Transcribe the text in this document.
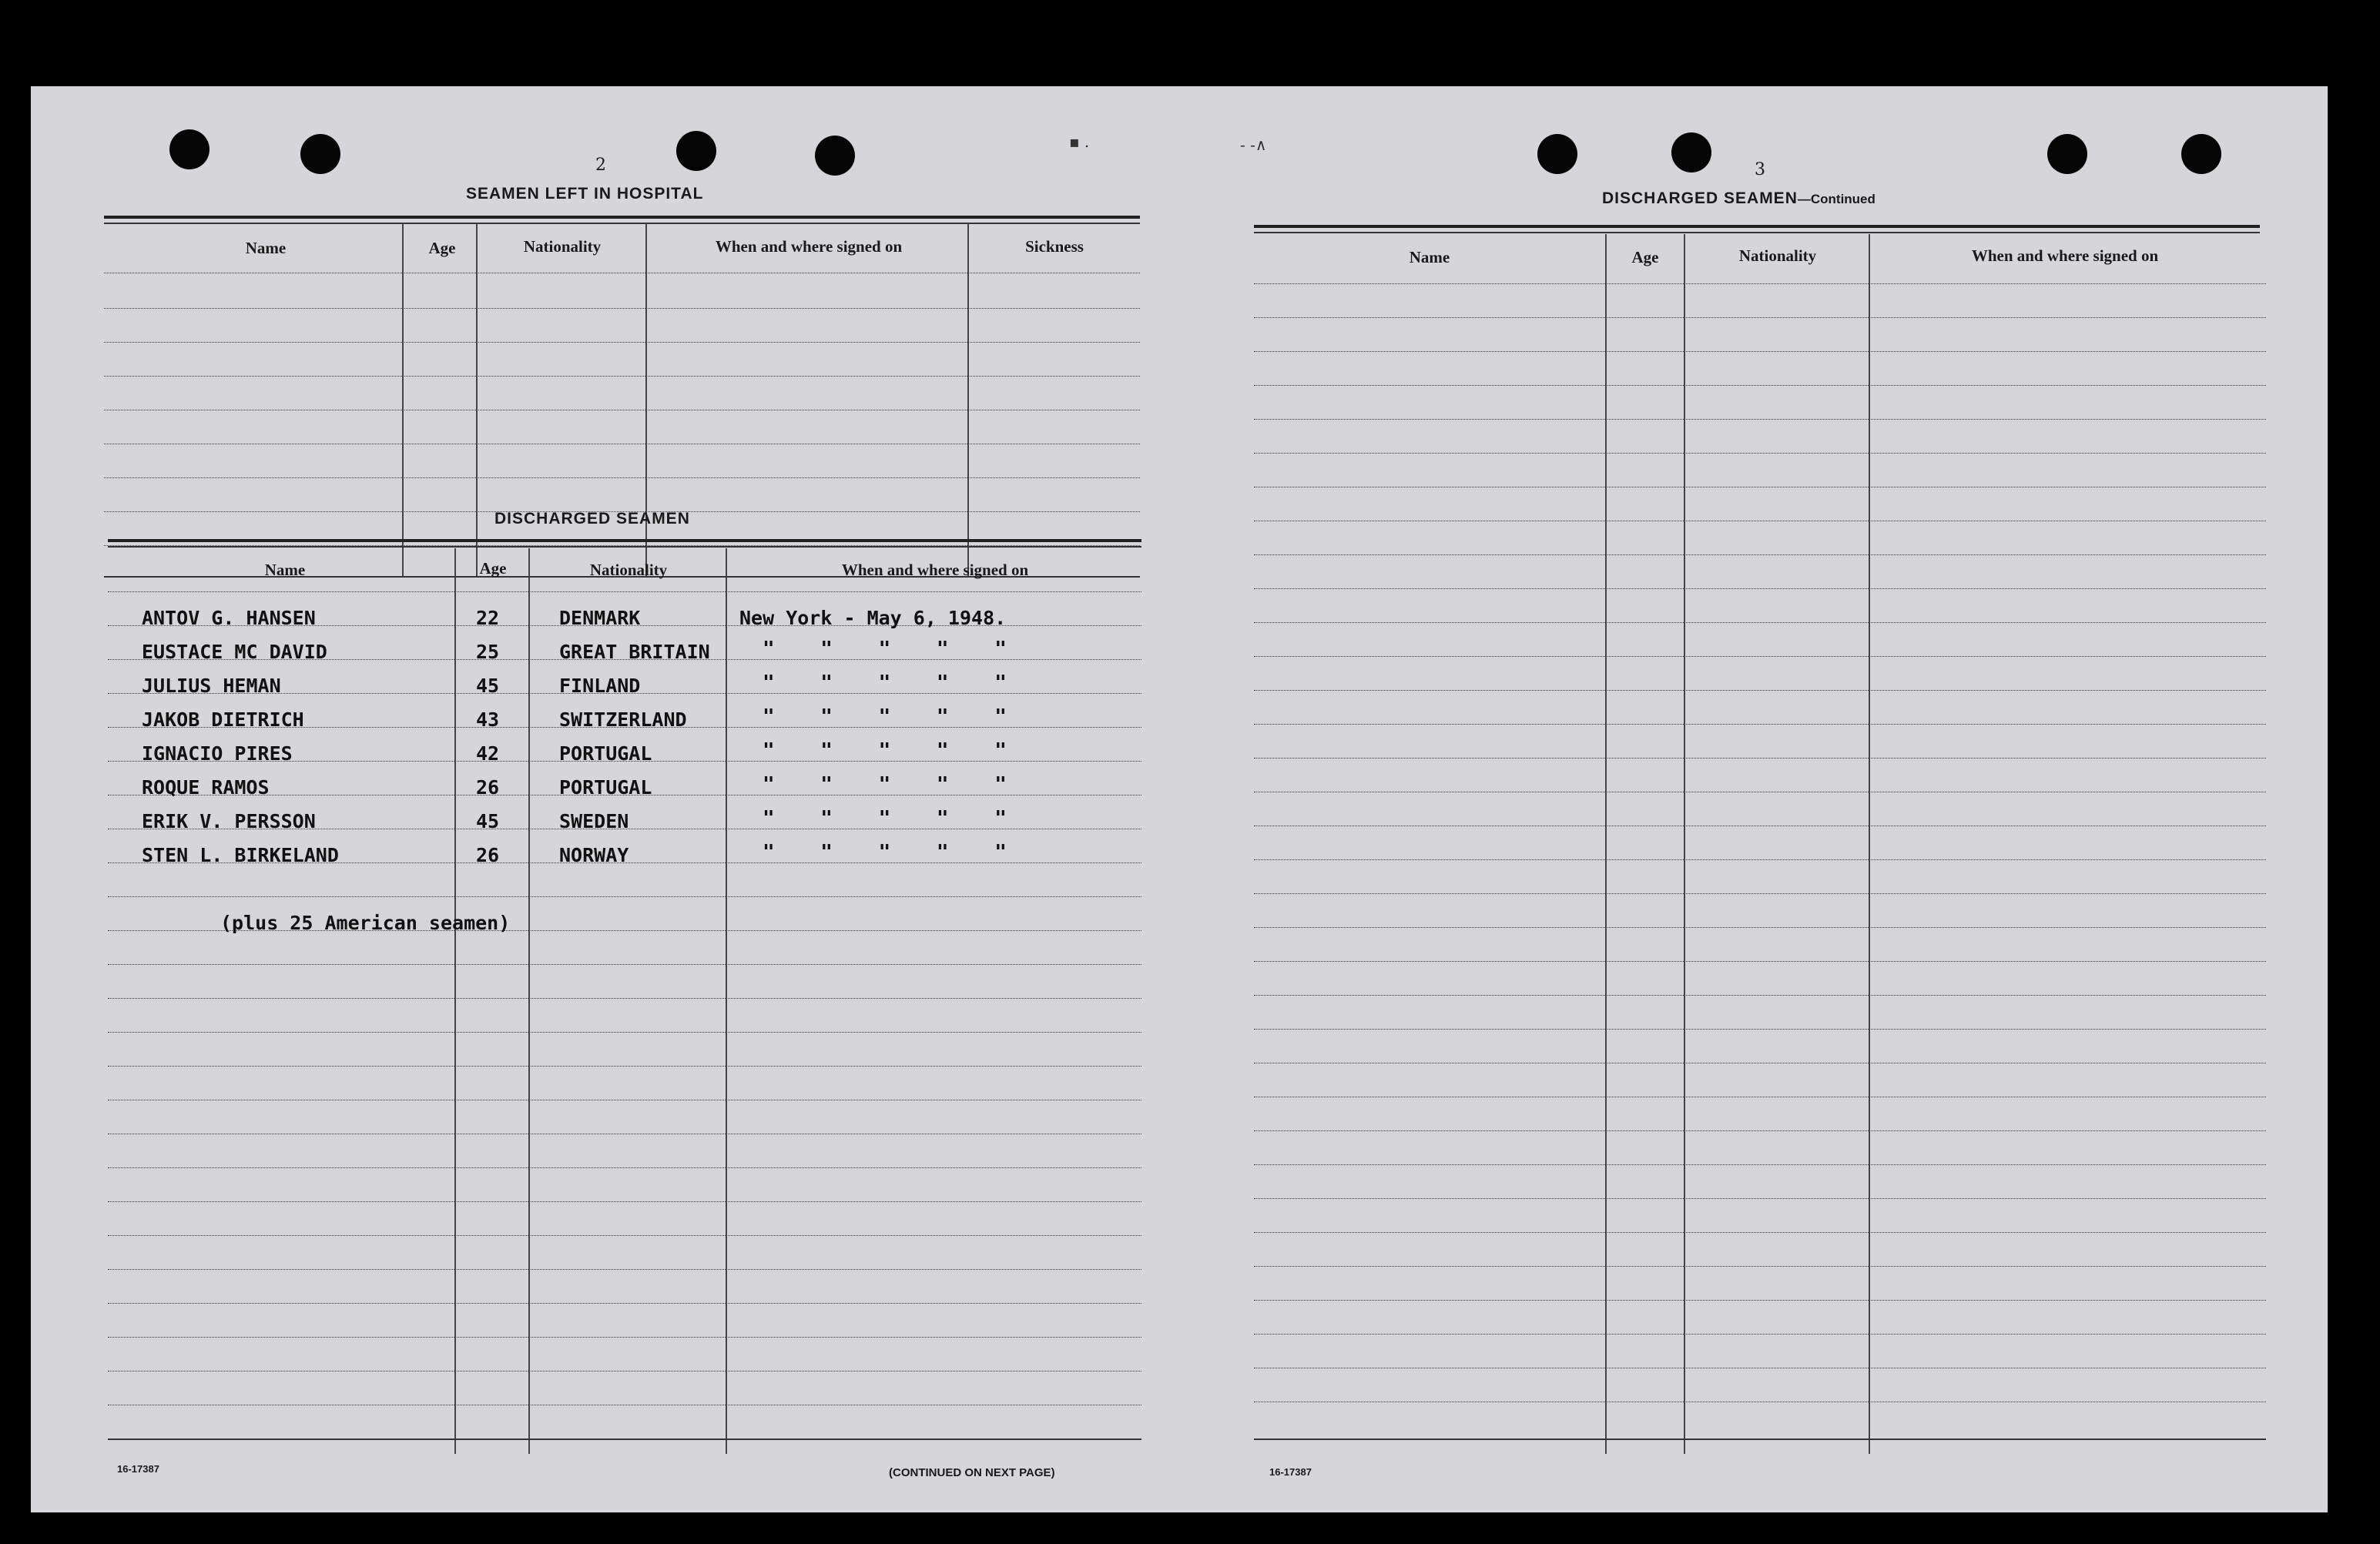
▪ .	- -∧
2
SEAMEN LEFT IN HOSPITAL
Name	Age	Nationality	When and where signed on	Sickness
DISCHARGED SEAMEN
Name	Age	Nationality	When and where signed on
ANTOV G. HANSEN	22	DENMARK	New York - May 6, 1948.
EUSTACE MC DAVID	25	GREAT BRITAIN	" " " " "
JULIUS HEMAN	45	FINLAND	" " " " "
JAKOB DIETRICH	43	SWITZERLAND	" " " " "
IGNACIO PIRES	42	PORTUGAL	" " " " "
ROQUE RAMOS	26	PORTUGAL	" " " " "
ERIK V. PERSSON	45	SWEDEN	" " " " "
STEN L. BIRKELAND	26	NORWAY	" " " " "
(plus 25 American seamen)
16-17387	(CONTINUED ON NEXT PAGE)
3
DISCHARGED SEAMEN—Continued
Name	Age	Nationality	When and where signed on
16-17387
